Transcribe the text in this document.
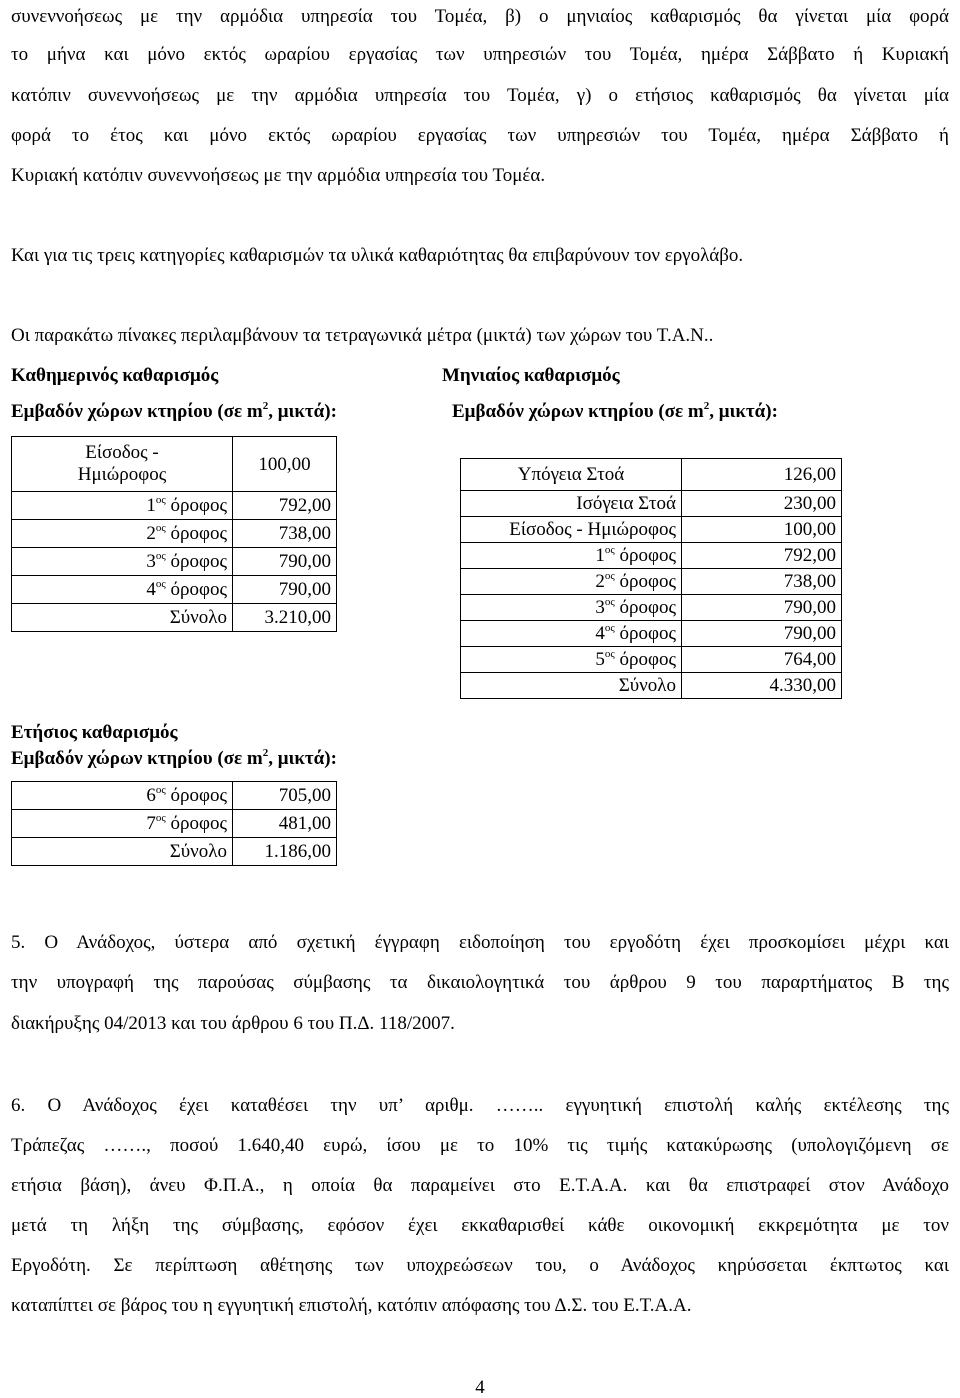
συνεννοήσεως με την αρμόδια υπηρεσία του Τομέα, β) ο μηνιαίος καθαρισμός θα γίνεται μία φορά
το μήνα και μόνο εκτός ωραρίου εργασίας των υπηρεσιών του Τομέα, ημέρα Σάββατο ή Κυριακή
κατόπιν συνεννοήσεως με την αρμόδια υπηρεσία του Τομέα, γ) ο ετήσιος καθαρισμός θα γίνεται μία
φορά το έτος και μόνο εκτός ωραρίου εργασίας των υπηρεσιών του Τομέα, ημέρα Σάββατο ή
Κυριακή κατόπιν συνεννοήσεως με την αρμόδια υπηρεσία του Τομέα.
Και για τις τρεις κατηγορίες καθαρισμών τα υλικά καθαριότητας θα επιβαρύνουν τον εργολάβο.
Οι παρακάτω πίνακες περιλαμβάνουν τα τετραγωνικά μέτρα (μικτά) των χώρων του Τ.Α.Ν..
Καθημερινός καθαρισμός	Μηνιαίος καθαρισμός
Εμβαδόν χώρων κτηρίου (σε $m^2$, μικτά):	Εμβαδόν χώρων κτηρίου (σε $m^2$, μικτά):
Είσοδος -
Ημιώροφος	100,00
$1^{o\varsigma}$ όροφος	792,00
$2^{o\varsigma}$ όροφος	738,00
$3^{o\varsigma}$ όροφος	790,00
$4^{o\varsigma}$ όροφος	790,00
Σύνολο	3.210,00
Υπόγεια Στοά	126,00
Ισόγεια Στοά	230,00
Είσοδος - Ημιώροφος	100,00
$1^{o\varsigma}$ όροφος	792,00
$2^{o\varsigma}$ όροφος	738,00
$3^{o\varsigma}$ όροφος	790,00
$4^{o\varsigma}$ όροφος	790,00
$5^{o\varsigma}$ όροφος	764,00
Σύνολο	4.330,00
Ετήσιος καθαρισμός
Εμβαδόν χώρων κτηρίου (σε $m^2$, μικτά):
$6^{o\varsigma}$ όροφος	705,00
$7^{o\varsigma}$ όροφος	481,00
Σύνολο	1.186,00
5. Ο Ανάδοχος, ύστερα από σχετική έγγραφη ειδοποίηση του εργοδότη έχει προσκομίσει μέχρι και
την υπογραφή της παρούσας σύμβασης τα δικαιολογητικά του άρθρου 9 του παραρτήματος Β της
διακήρυξης 04/2013 και του άρθρου 6 του Π.Δ. 118/2007.
6. Ο Ανάδοχος έχει καταθέσει την υπ’ αριθμ. …….. εγγυητική επιστολή καλής εκτέλεσης της
Τράπεζας ……., ποσού 1.640,40 ευρώ, ίσου με το 10% τις τιμής κατακύρωσης (υπολογιζόμενη σε
ετήσια βάση), άνευ Φ.Π.Α., η οποία θα παραμείνει στο Ε.Τ.Α.Α. και θα επιστραφεί στον Ανάδοχο
μετά τη λήξη της σύμβασης, εφόσον έχει εκκαθαρισθεί κάθε οικονομική εκκρεμότητα με τον
Εργοδότη. Σε περίπτωση αθέτησης των υποχρεώσεων του, ο Ανάδοχος κηρύσσεται έκπτωτος και
καταπίπτει σε βάρος του η εγγυητική επιστολή, κατόπιν απόφασης του Δ.Σ. του Ε.Τ.Α.Α.
4
